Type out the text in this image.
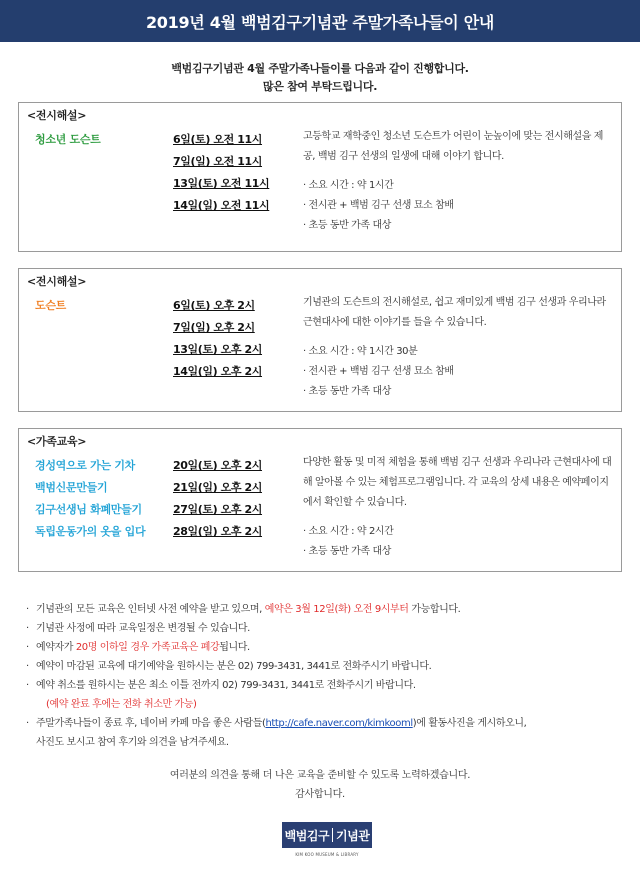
2019년 4월 백범김구기념관 주말가족나들이 안내
백범김구기념관 4월 주말가족나들이를 다음과 같이 진행합니다.
많은 참여 부탁드립니다.
<전시해설>
청소년 도슨트	6일(토) 오전 11시
7일(일) 오전 11시
13일(토) 오전 11시
14일(일) 오전 11시
고등학교 재학중인 청소년 도슨트가 어린이 눈높이에 맞는 전시해설을 제공, 백범 김구 선생의 일생에 대해 이야기 합니다.
· 소요 시간 : 약 1시간
· 전시관 + 백범 김구 선생 묘소 참배
· 초등 동반 가족 대상
<전시해설>
도슨트	6일(토) 오후 2시
7일(일) 오후 2시
13일(토) 오후 2시
14일(일) 오후 2시
기념관의 도슨트의 전시해설로, 쉽고 재미있게 백범 김구 선생과 우리나라 근현대사에 대한 이야기를 들을 수 있습니다.
· 소요 시간 : 약 1시간 30분
· 전시관 + 백범 김구 선생 묘소 참배
· 초등 동반 가족 대상
<가족교육>
경성역으로 가는 기차
백범신문만들기
김구선생님 화폐만들기
독립운동가의 옷을 입다
20일(토) 오후 2시
21일(일) 오후 2시
27일(토) 오후 2시
28일(일) 오후 2시
다양한 활동 및 미적 체험을 통해 백범 김구 선생과 우리나라 근현대사에 대해 알아볼 수 있는 체험프로그램입니다. 각 교육의 상세 내용은 예약페이지에서 확인할 수 있습니다.
· 소요 시간 : 약 2시간
· 초등 동반 가족 대상
· 기념관의 모든 교육은 인터넷 사전 예약을 받고 있으며, 예약은 3월 12일(화) 오전 9시부터 가능합니다.
· 기념관 사정에 따라 교육일정은 변경될 수 있습니다.
· 예약자가 20명 이하일 경우 가족교육은 폐강됩니다.
· 예약이 마감된 교육에 대기예약을 원하시는 분은 02) 799-3431, 3441로 전화주시기 바랍니다.
· 예약 취소를 원하시는 분은 최소 이틀 전까지 02) 799-3431, 3441로 전화주시기 바랍니다.
(예약 완료 후에는 전화 취소만 가능)
· 주말가족나들이 종료 후, 네이버 카페 마음 좋은 사람들(http://cafe.naver.com/kimkooml)에 활동사진을 게시하오니,
사진도 보시고 참여 후기와 의견을 남겨주세요.
여러분의 의견을 통해 더 나은 교육을 준비할 수 있도록 노력하겠습니다.
감사합니다.
백범김구 기념관
KIM KOO MUSEUM & LIBRARY
